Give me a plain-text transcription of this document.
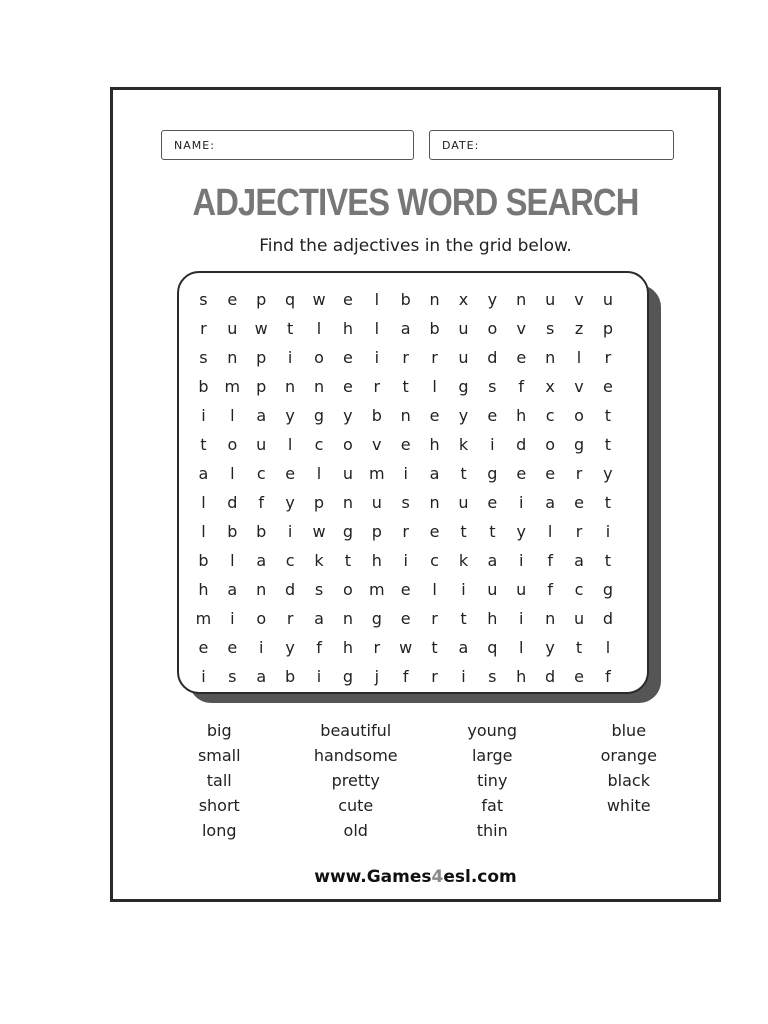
NAME:	DATE:
ADJECTIVES WORD SEARCH
Find the adjectives in the grid below.
s	e	p	q	w	e	l	b	n	x	y	n	u	v	u
r	u	w	t	l	h	l	a	b	u	o	v	s	z	p
s	n	p	i	o	e	i	r	r	u	d	e	n	l	r
b	m	p	n	n	e	r	t	l	g	s	f	x	v	e
i	l	a	y	g	y	b	n	e	y	e	h	c	o	t
t	o	u	l	c	o	v	e	h	k	i	d	o	g	t
a	l	c	e	l	u	m	i	a	t	g	e	e	r	y
l	d	f	y	p	n	u	s	n	u	e	i	a	e	t
l	b	b	i	w	g	p	r	e	t	t	y	l	r	i
b	l	a	c	k	t	h	i	c	k	a	i	f	a	t
h	a	n	d	s	o	m	e	l	i	u	u	f	c	g
m	i	o	r	a	n	g	e	r	t	h	i	n	u	d
e	e	i	y	f	h	r	w	t	a	q	l	y	t	l
i	s	a	b	i	g	j	f	r	i	s	h	d	e	f
big
small
tall
short
long
beautiful
handsome
pretty
cute
old
young
large
tiny
fat
thin
blue
orange
black
white
www.Games4esl.com
